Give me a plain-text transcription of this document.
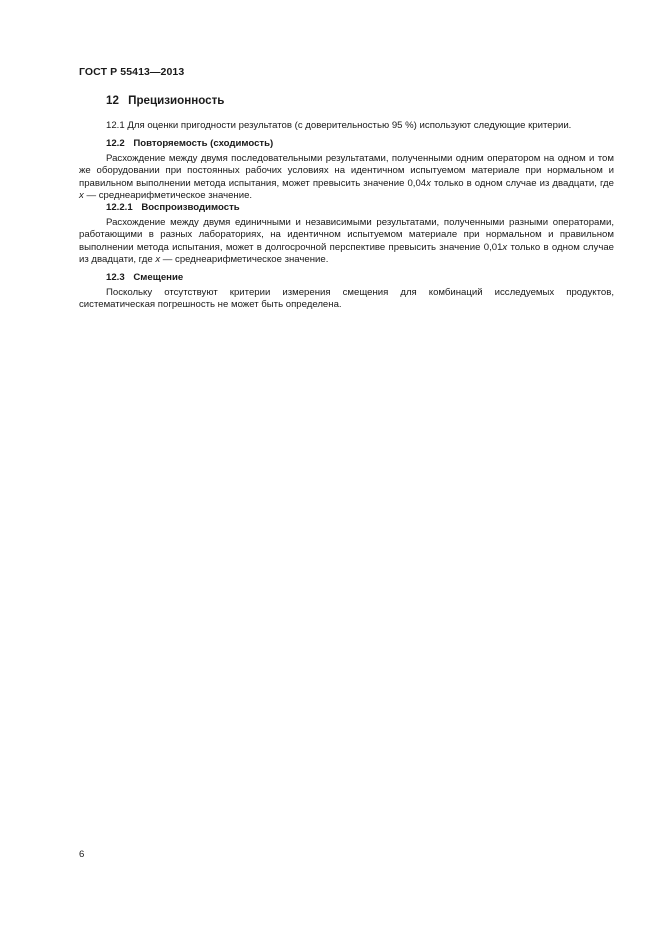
ГОСТ Р 55413—2013
12 Прецизионность

12.1 Для оценки пригодности результатов (с доверительностью 95 %) используют следующие критерии.

12.2 Повторяемость (сходимость)

Расхождение между двумя последовательными результатами, полученными одним оператором на одном и том же оборудовании при постоянных рабочих условиях на идентичном испытуемом материале при нормальном и правильном выполнении метода испытания, может превысить значение 0,04х только в одном случае из двадцати, где х — среднеарифметическое значение.

12.2.1 Воспроизводимость

Расхождение между двумя единичными и независимыми результатами, полученными разными операторами, работающими в разных лабораториях, на идентичном испытуемом материале при нормальном и правильном выполнении метода испытания, может в долгосрочной перспективе превысить значение 0,01х только в одном случае из двадцати, где х — среднеарифметическое значение.

12.3 Смещение

Поскольку отсутствуют критерии измерения смещения для комбинаций исследуемых продуктов, систематическая погрешность не может быть определена.

6
